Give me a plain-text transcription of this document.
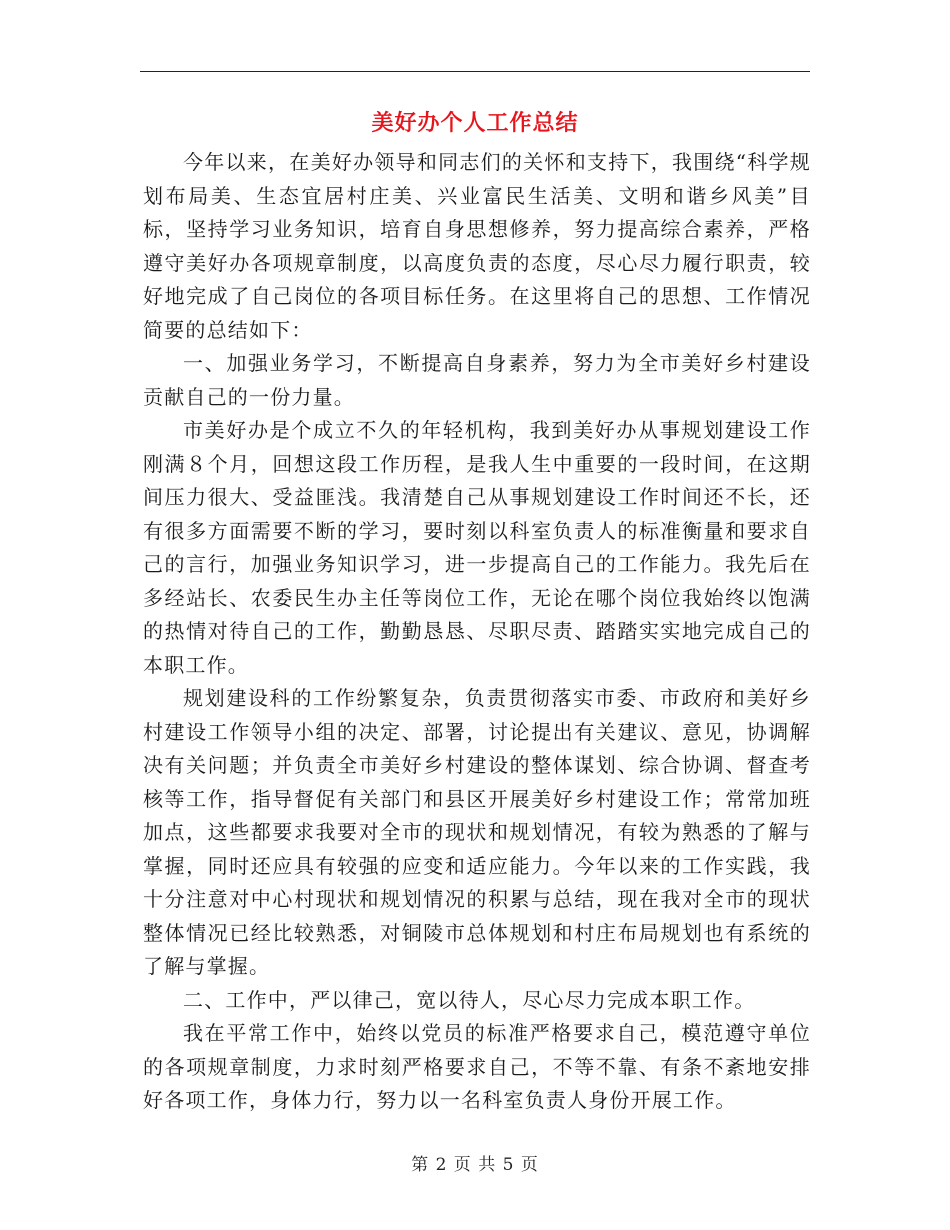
美好办个人工作总结

今年以来，在美好办领导和同志们的关怀和支持下，我围绕“科学规划布局美、生态宜居村庄美、兴业富民生活美、文明和谐乡风美”目标，坚持学习业务知识，培育自身思想修养，努力提高综合素养，严格遵守美好办各项规章制度，以高度负责的态度，尽心尽力履行职责，较好地完成了自己岗位的各项目标任务。在这里将自己的思想、工作情况简要的总结如下：

一、加强业务学习，不断提高自身素养，努力为全市美好乡村建设贡献自己的一份力量。

市美好办是个成立不久的年轻机构，我到美好办从事规划建设工作刚满８个月，回想这段工作历程，是我人生中重要的一段时间，在这期间压力很大、受益匪浅。我清楚自己从事规划建设工作时间还不长，还有很多方面需要不断的学习，要时刻以科室负责人的标准衡量和要求自己的言行，加强业务知识学习，进一步提高自己的工作能力。我先后在多经站长、农委民生办主任等岗位工作，无论在哪个岗位我始终以饱满的热情对待自己的工作，勤勤恳恳、尽职尽责、踏踏实实地完成自己的本职工作。

规划建设科的工作纷繁复杂，负责贯彻落实市委、市政府和美好乡村建设工作领导小组的决定、部署，讨论提出有关建议、意见，协调解决有关问题；并负责全市美好乡村建设的整体谋划、综合协调、督查考核等工作，指导督促有关部门和县区开展美好乡村建设工作；常常加班加点，这些都要求我要对全市的现状和规划情况，有较为熟悉的了解与掌握，同时还应具有较强的应变和适应能力。今年以来的工作实践，我十分注意对中心村现状和规划情况的积累与总结，现在我对全市的现状整体情况已经比较熟悉，对铜陵市总体规划和村庄布局规划也有系统的了解与掌握。

二、工作中，严以律己，宽以待人，尽心尽力完成本职工作。

我在平常工作中，始终以党员的标准严格要求自己，模范遵守单位的各项规章制度，力求时刻严格要求自己，不等不靠、有条不紊地安排好各项工作，身体力行，努力以一名科室负责人身份开展工作。

第 2 页 共 5 页
